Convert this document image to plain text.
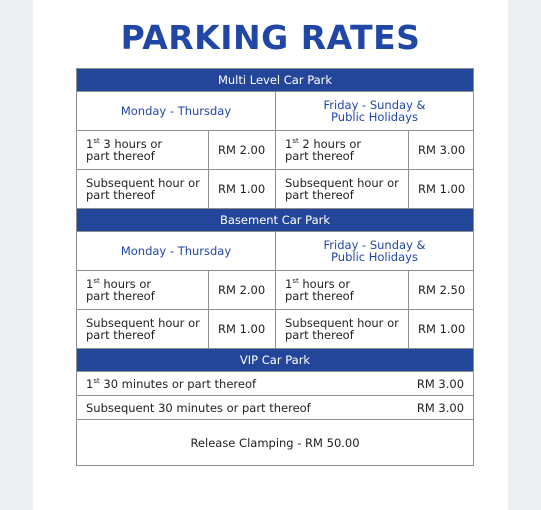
PARKING RATES
Multi Level Car Park			
Monday - Thursday		Friday - Sunday &
Public Holidays	
1st 3 hours or
part thereof	RM 2.00	1st 2 hours or
part thereof	RM 3.00
Subsequent hour or
part thereof	RM 1.00	Subsequent hour or
part thereof	RM 1.00
Basement Car Park			
Monday - Thursday		Friday - Sunday &
Public Holidays	
1st hours or
part thereof	RM 2.00	1st hours or
part thereof	RM 2.50
Subsequent hour or
part thereof	RM 1.00	Subsequent hour or
part thereof	RM 1.00
VIP Car Park			
1st 30 minutes or part thereof			RM 3.00
Subsequent 30 minutes or part thereof			RM 3.00
Release Clamping - RM 50.00			
